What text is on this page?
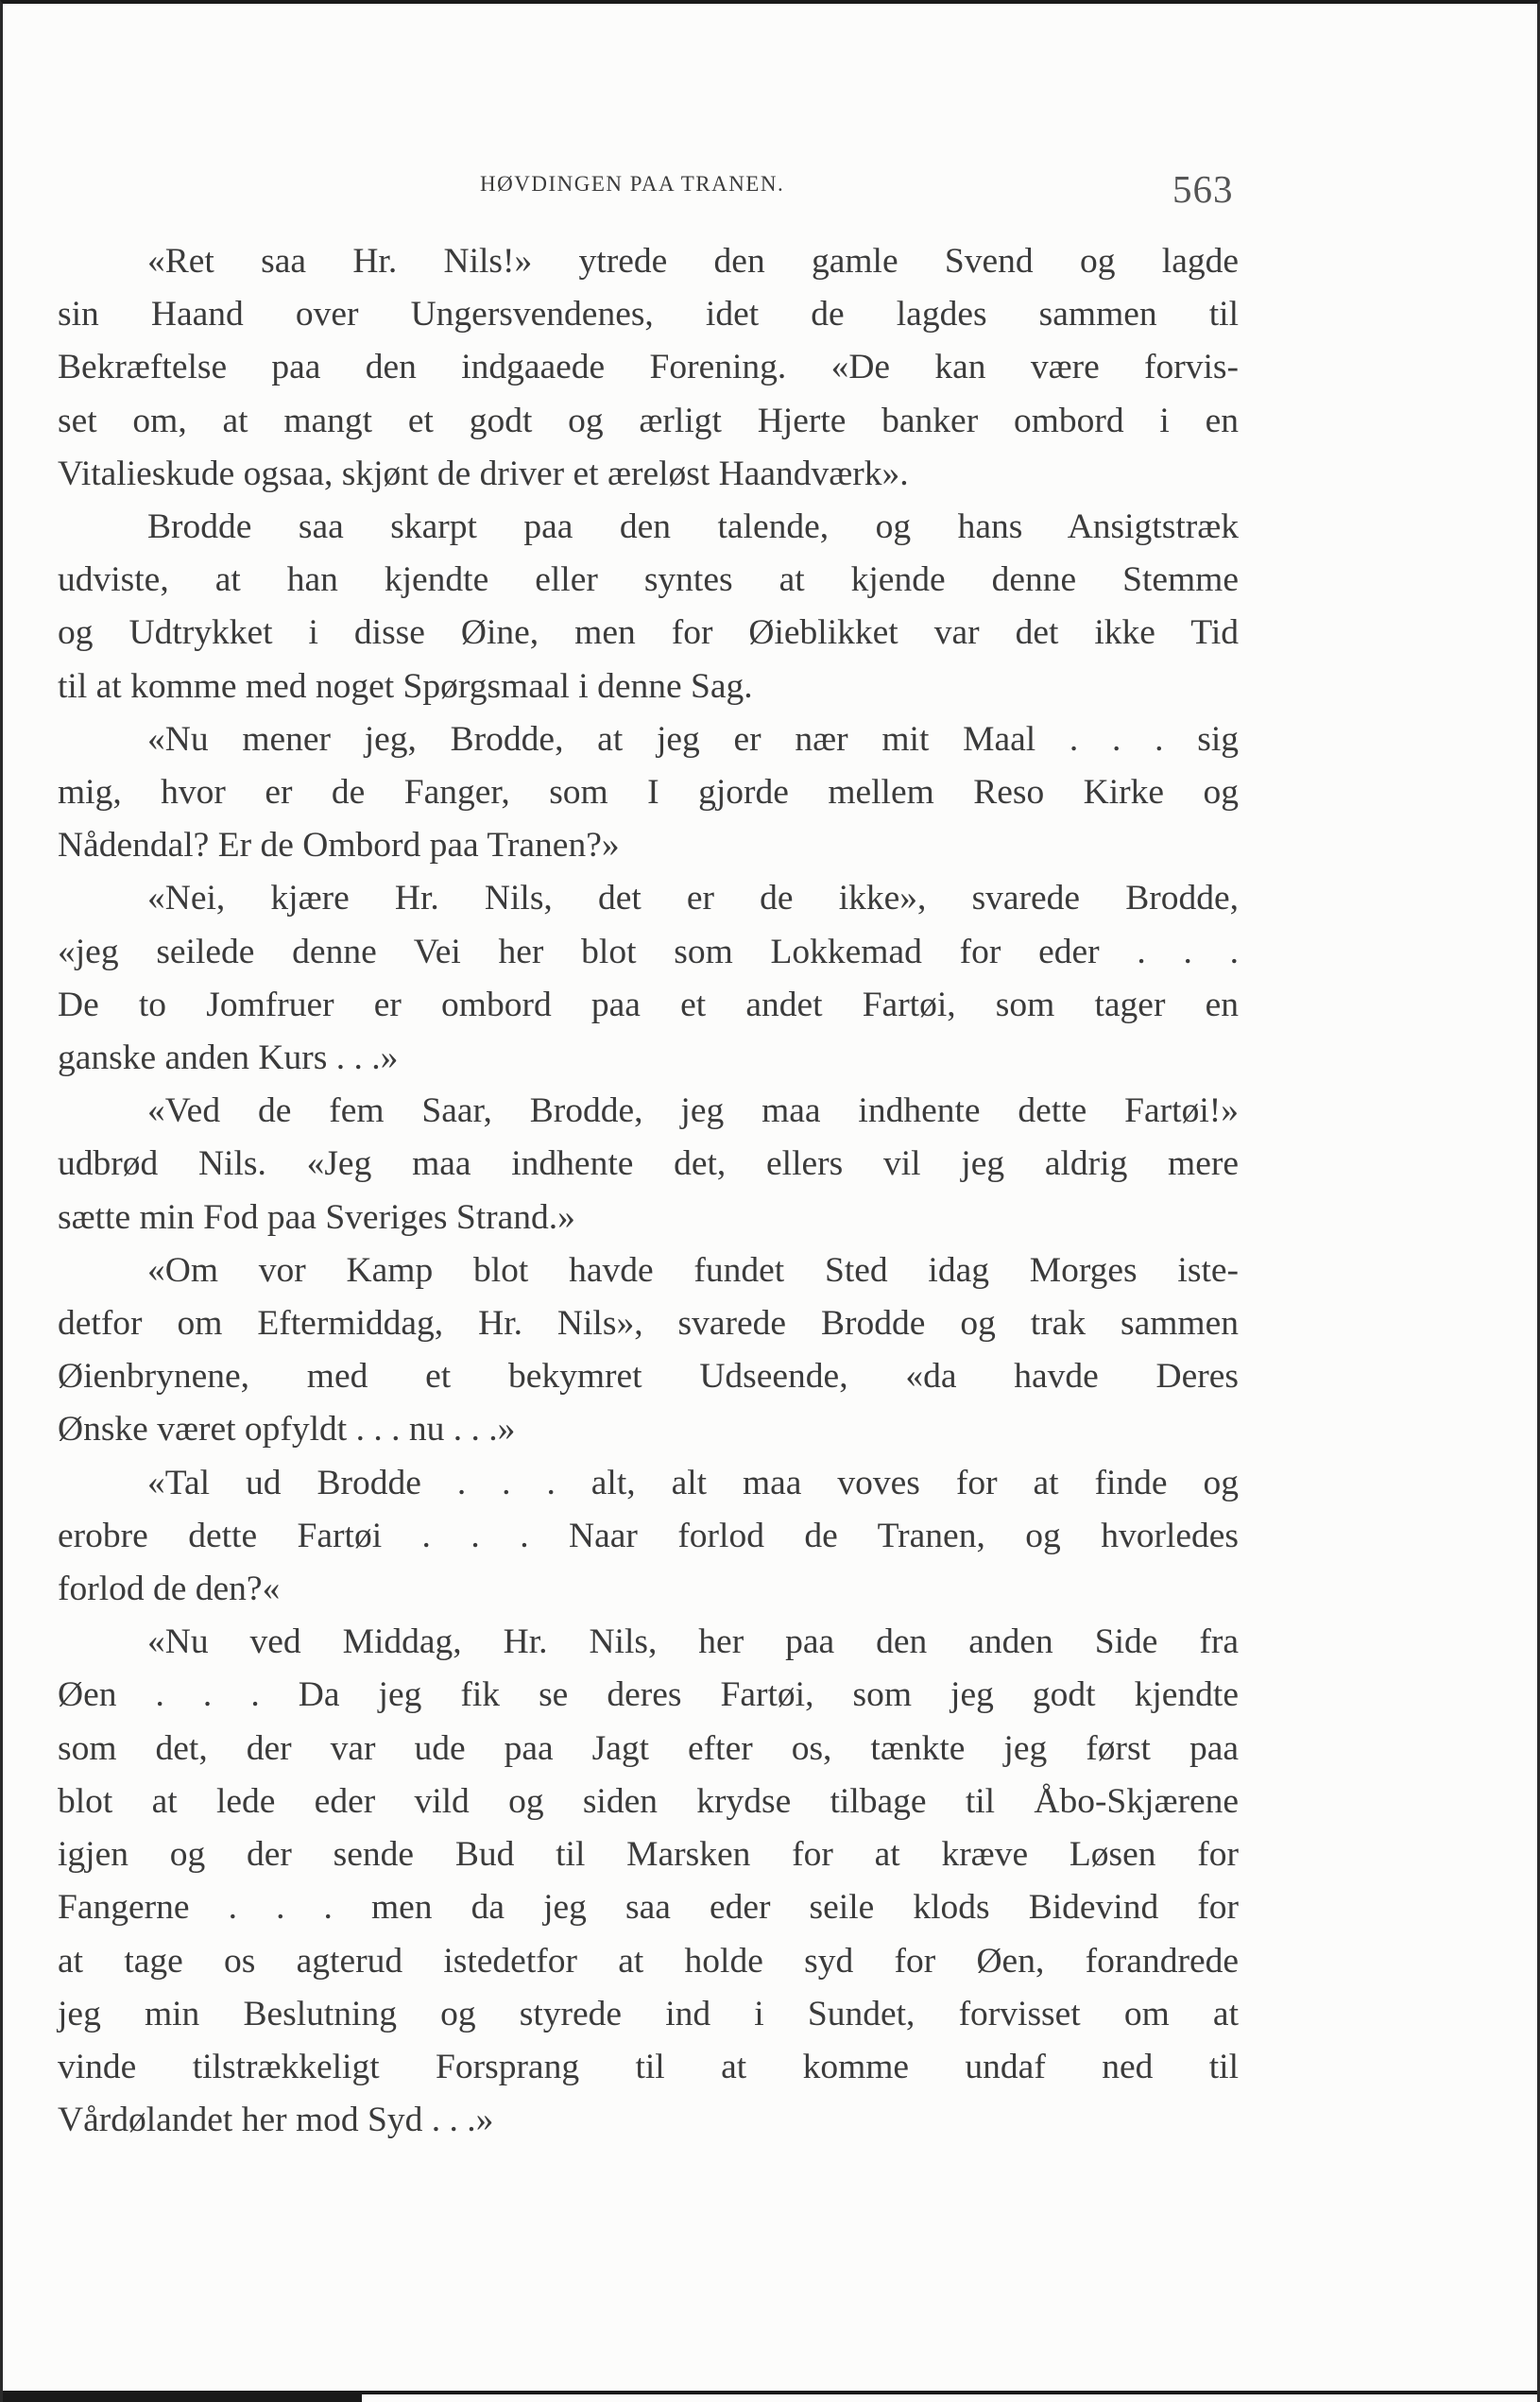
HØVDINGEN PAA TRANEN.	563
«Ret saa Hr. Nils!» ytrede den gamle Svend og lagde
sin Haand over Ungersvendenes, idet de lagdes sammen til
Bekræftelse paa den indgaaede Forening. «De kan være forvis-
set om, at mangt et godt og ærligt Hjerte banker ombord i en
Vitalieskude ogsaa, skjønt de driver et æreløst Haandværk».
Brodde saa skarpt paa den talende, og hans Ansigtstræk
udviste, at han kjendte eller syntes at kjende denne Stemme
og Udtrykket i disse Øine, men for Øieblikket var det ikke Tid
til at komme med noget Spørgsmaal i denne Sag.
«Nu mener jeg, Brodde, at jeg er nær mit Maal . . . sig
mig, hvor er de Fanger, som I gjorde mellem Reso Kirke og
Nådendal? Er de Ombord paa Tranen?»
«Nei, kjære Hr. Nils, det er de ikke», svarede Brodde,
«jeg seilede denne Vei her blot som Lokkemad for eder . . .
De to Jomfruer er ombord paa et andet Fartøi, som tager en
ganske anden Kurs . . .»
«Ved de fem Saar, Brodde, jeg maa indhente dette Fartøi!»
udbrød Nils. «Jeg maa indhente det, ellers vil jeg aldrig mere
sætte min Fod paa Sveriges Strand.»
«Om vor Kamp blot havde fundet Sted idag Morges iste-
detfor om Eftermiddag, Hr. Nils», svarede Brodde og trak sammen
Øienbrynene, med et bekymret Udseende, «da havde Deres
Ønske været opfyldt . . . nu . . .»
«Tal ud Brodde . . . alt, alt maa voves for at finde og
erobre dette Fartøi . . . Naar forlod de Tranen, og hvorledes
forlod de den?«
«Nu ved Middag, Hr. Nils, her paa den anden Side fra
Øen . . . Da jeg fik se deres Fartøi, som jeg godt kjendte
som det, der var ude paa Jagt efter os, tænkte jeg først paa
blot at lede eder vild og siden krydse tilbage til Åbo-Skjærene
igjen og der sende Bud til Marsken for at kræve Løsen for
Fangerne . . . men da jeg saa eder seile klods Bidevind for
at tage os agterud istedetfor at holde syd for Øen, forandrede
jeg min Beslutning og styrede ind i Sundet, forvisset om at
vinde tilstrækkeligt Forsprang til at komme undaf ned til
Vårdølandet her mod Syd . . .»
